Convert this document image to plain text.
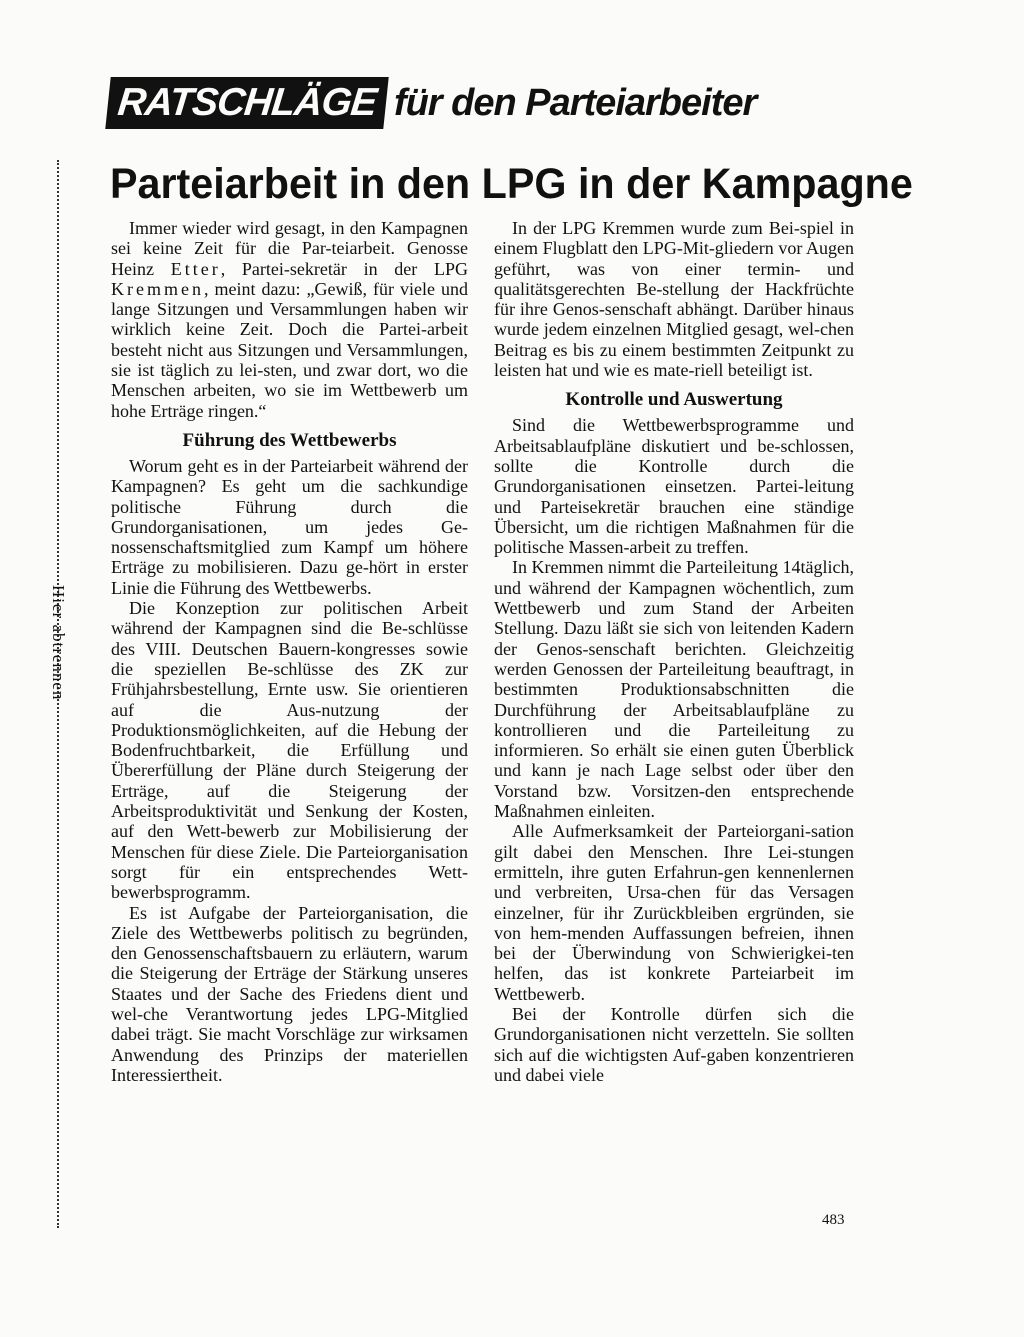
Hier abtrennen
RATSCHLÄGE für den Parteiarbeiter
Parteiarbeit in den LPG in der Kampagne

Immer wieder wird gesagt, in den Kampagnen sei keine Zeit für die Par-teiarbeit. Genosse Heinz Etter, Partei-sekretär in der LPG Kremmen, meint dazu: „Gewiß, für viele und lange Sitzungen und Versammlungen haben wir wirklich keine Zeit. Doch die Partei-arbeit besteht nicht aus Sitzungen und Versammlungen, sie ist täglich zu lei-sten, und zwar dort, wo die Menschen arbeiten, wo sie im Wettbewerb um hohe Erträge ringen.“

Führung des Wettbewerbs

Worum geht es in der Parteiarbeit während der Kampagnen? Es geht um die sachkundige politische Führung durch die Grundorganisationen, um jedes Ge-nossenschaftsmitglied zum Kampf um höhere Erträge zu mobilisieren. Dazu ge-hört in erster Linie die Führung des Wettbewerbs.

Die Konzeption zur politischen Arbeit während der Kampagnen sind die Be-schlüsse des VIII. Deutschen Bauern-kongresses sowie die speziellen Be-schlüsse des ZK zur Frühjahrsbestellung, Ernte usw. Sie orientieren auf die Aus-nutzung der Produktionsmöglichkeiten, auf die Hebung der Bodenfruchtbarkeit, die Erfüllung und Übererfüllung der Pläne durch Steigerung der Erträge, auf die Steigerung der Arbeitsproduktivität und Senkung der Kosten, auf den Wett-bewerb zur Mobilisierung der Menschen für diese Ziele. Die Parteiorganisation sorgt für ein entsprechendes Wett-bewerbsprogramm.

Es ist Aufgabe der Parteiorganisation, die Ziele des Wettbewerbs politisch zu begründen, den Genossenschaftsbauern zu erläutern, warum die Steigerung der Erträge der Stärkung unseres Staates und der Sache des Friedens dient und wel-che Verantwortung jedes LPG-Mitglied dabei trägt. Sie macht Vorschläge zur wirksamen Anwendung des Prinzips der materiellen Interessiertheit.

In der LPG Kremmen wurde zum Bei-spiel in einem Flugblatt den LPG-Mit-gliedern vor Augen geführt, was von einer termin- und qualitätsgerechten Be-stellung der Hackfrüchte für ihre Genos-senschaft abhängt. Darüber hinaus wurde jedem einzelnen Mitglied gesagt, wel-chen Beitrag es bis zu einem bestimmten Zeitpunkt zu leisten hat und wie es mate-riell beteiligt ist.

Kontrolle und Auswertung

Sind die Wettbewerbsprogramme und Arbeitsablaufpläne diskutiert und be-schlossen, sollte die Kontrolle durch die Grundorganisationen einsetzen. Partei-leitung und Parteisekretär brauchen eine ständige Übersicht, um die richtigen Maßnahmen für die politische Massen-arbeit zu treffen.

In Kremmen nimmt die Parteileitung 14täglich, und während der Kampagnen wöchentlich, zum Wettbewerb und zum Stand der Arbeiten Stellung. Dazu läßt sie sich von leitenden Kadern der Genos-senschaft berichten. Gleichzeitig werden Genossen der Parteileitung beauftragt, in bestimmten Produktionsabschnitten die Durchführung der Arbeitsablaufpläne zu kontrollieren und die Parteileitung zu informieren. So erhält sie einen guten Überblick und kann je nach Lage selbst oder über den Vorstand bzw. Vorsitzen-den entsprechende Maßnahmen einleiten.

Alle Aufmerksamkeit der Parteiorgani-sation gilt dabei den Menschen. Ihre Lei-stungen ermitteln, ihre guten Erfahrun-gen kennenlernen und verbreiten, Ursa-chen für das Versagen einzelner, für ihr Zurückbleiben ergründen, sie von hem-menden Auffassungen befreien, ihnen bei der Überwindung von Schwierigkei-ten helfen, das ist konkrete Parteiarbeit im Wettbewerb.

Bei der Kontrolle dürfen sich die Grundorganisationen nicht verzetteln. Sie sollten sich auf die wichtigsten Auf-gaben konzentrieren und dabei viele

483
